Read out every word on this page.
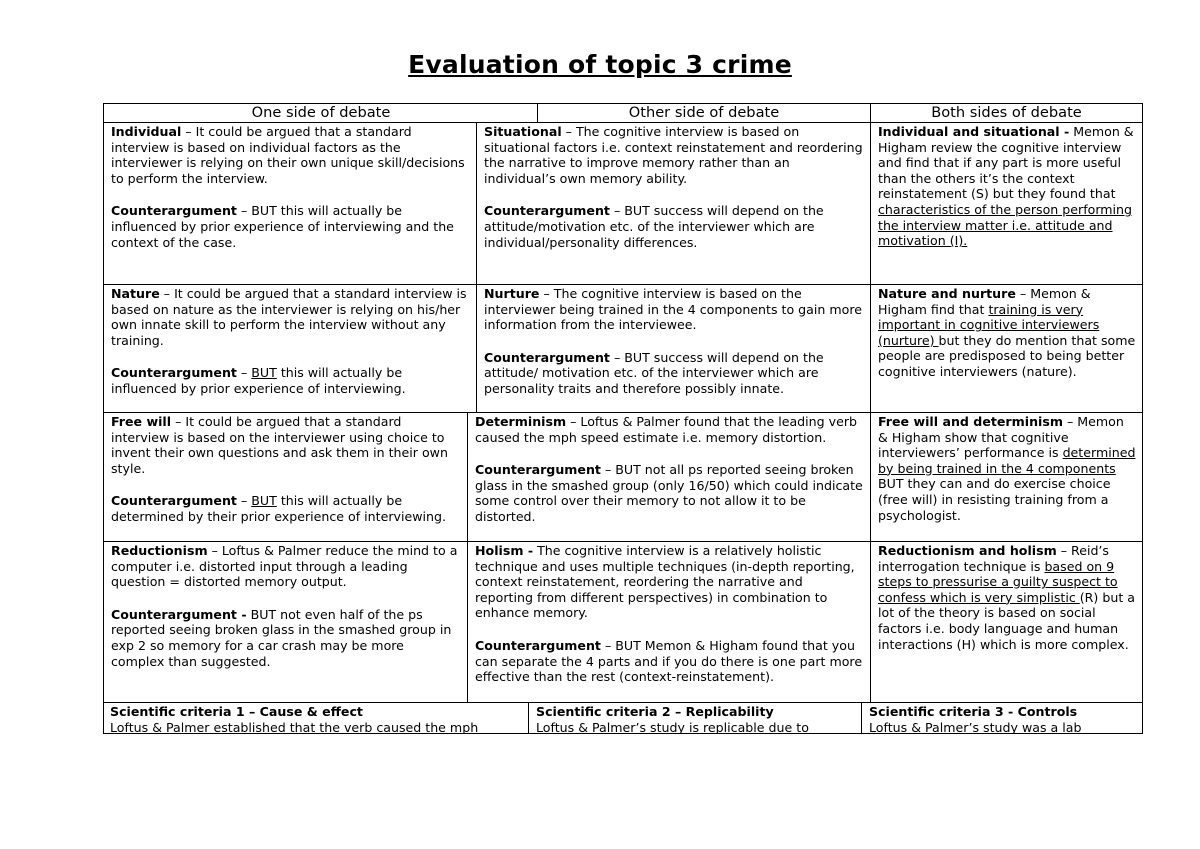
Evaluation of topic 3 crime
One side of debate	Other side of debate	Both sides of debate

Individual – It could be argued that a standard interview is based on individual factors as the interviewer is relying on their own unique skill/decisions to perform the interview.

Counterargument – BUT this will actually be influenced by prior experience of interviewing and the context of the case.

Situational – The cognitive interview is based on situational factors i.e. context reinstatement and reordering the narrative to improve memory rather than an individual’s own memory ability.

Counterargument – BUT success will depend on the attitude/motivation etc. of the interviewer which are individual/personality differences.

Individual and situational - Memon & Higham review the cognitive interview and find that if any part is more useful than the others it’s the context reinstatement (S) but they found that characteristics of the person performing the interview matter i.e. attitude and motivation (I).

Nature – It could be argued that a standard interview is based on nature as the interviewer is relying on his/her own innate skill to perform the interview without any training.

Counterargument – BUT this will actually be influenced by prior experience of interviewing.

Nurture – The cognitive interview is based on the interviewer being trained in the 4 components to gain more information from the interviewee.

Counterargument – BUT success will depend on the attitude/ motivation etc. of the interviewer which are personality traits and therefore possibly innate.

Nature and nurture – Memon & Higham find that training is very important in cognitive interviewers (nurture) but they do mention that some people are predisposed to being better cognitive interviewers (nature).

Free will – It could be argued that a standard interview is based on the interviewer using choice to invent their own questions and ask them in their own style.

Counterargument – BUT this will actually be determined by their prior experience of interviewing.

Determinism – Loftus & Palmer found that the leading verb caused the mph speed estimate i.e. memory distortion.

Counterargument – BUT not all ps reported seeing broken glass in the smashed group (only 16/50) which could indicate some control over their memory to not allow it to be distorted.

Free will and determinism – Memon & Higham show that cognitive interviewers’ performance is determined by being trained in the 4 components BUT they can and do exercise choice (free will) in resisting training from a psychologist.

Reductionism – Loftus & Palmer reduce the mind to a computer i.e. distorted input through a leading question = distorted memory output.

Counterargument - BUT not even half of the ps reported seeing broken glass in the smashed group in exp 2 so memory for a car crash may be more complex than suggested.

Holism - The cognitive interview is a relatively holistic technique and uses multiple techniques (in-depth reporting, context reinstatement, reordering the narrative and reporting from different perspectives) in combination to enhance memory.

Counterargument – BUT Memon & Higham found that you can separate the 4 parts and if you do there is one part more effective than the rest (context-reinstatement).

Reductionism and holism – Reid’s interrogation technique is based on 9 steps to pressurise a guilty suspect to confess which is very simplistic (R) but a lot of the theory is based on social factors i.e. body language and human interactions (H) which is more complex.

Scientific criteria 1 – Cause & effect

Loftus & Palmer established that the verb caused the mph

Scientific criteria 2 – Replicability

Loftus & Palmer’s study is replicable due to

Scientific criteria 3 - Controls

Loftus & Palmer’s study was a lab
